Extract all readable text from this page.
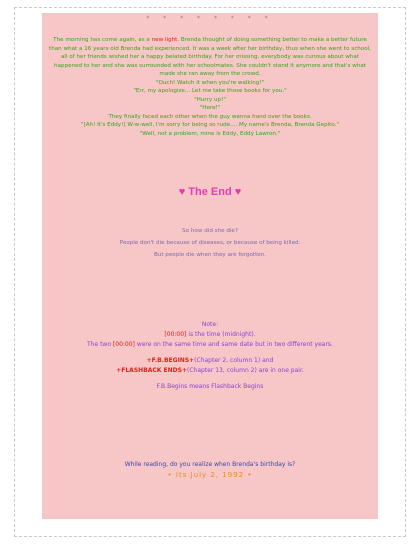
* * * * * * * *

The morning has come again, as a new light. Brenda thought of doing something better to make a better future than what a 16 years old Brenda had experienced. It was a week after her birthday, thus when she went to school, all of her friends wished her a happy belated birthday. For her missing, everybody was curious about what happened to her and she was surrounded with her schoolmates. She couldn't stand it anymore and that's what made she ran away from the crowd.

"Ouch! Watch it when you're walking!"

"Err, my apologize... Let me take those books for you."

"Hurry up!"

"Here!"

They finally faced each other when the guy wanna hand over the books.

"[Ah! It's Eddy!] W-w-well, I'm sorry for being so rude.... My name's Brenda, Brenda Gepito."

"Well, not a problem, mine is Eddy, Eddy Lawron."

♥ The End ♥

So how did she die?

People don't die because of diseases, or because of being killed.

But people die when they are forgotten.

Note:

[00:00] is the time (midnight).

The two [00:00] were on the same time and same date but in two different years.

+F.B.BEGINS+(Chapter 2, column 1) and

+FLASHBACK ENDS+(Chapter 13, column 2) are in one pair.

F.B.Begins means Flashback Begins

While reading, do you realize when Brenda's birthday is?

• Its July 2, 1992 •
